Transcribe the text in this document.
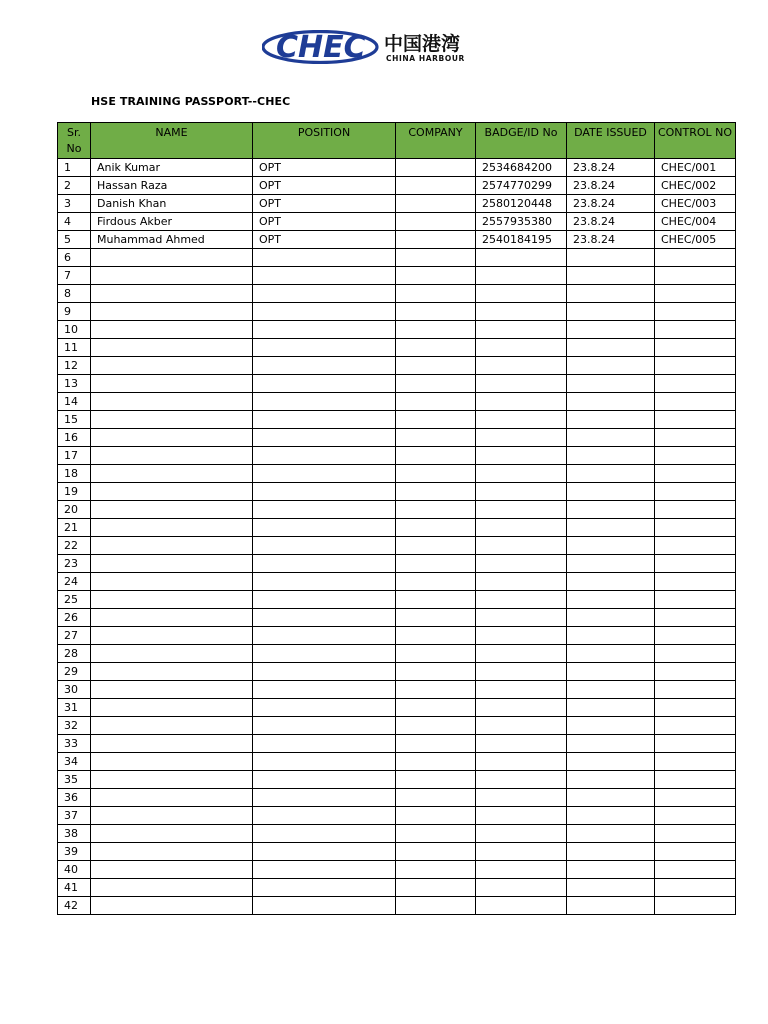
CHEC 中国港湾
CHINA HARBOUR
HSE TRAINING PASSPORT--CHEC
Sr. No	NAME	POSITION	COMPANY	BADGE/ID No	DATE ISSUED	CONTROL NO
1	Anik Kumar	OPT		2534684200	23.8.24	CHEC/001
2	Hassan Raza	OPT		2574770299	23.8.24	CHEC/002
3	Danish Khan	OPT		2580120448	23.8.24	CHEC/003
4	Firdous Akber	OPT		2557935380	23.8.24	CHEC/004
5	Muhammad Ahmed	OPT		2540184195	23.8.24	CHEC/005
6						
7						
8						
9						
10						
11						
12						
13						
14						
15						
16						
17						
18						
19						
20						
21						
22						
23						
24						
25						
26						
27						
28						
29						
30						
31						
32						
33						
34						
35						
36						
37						
38						
39						
40						
41						
42						
